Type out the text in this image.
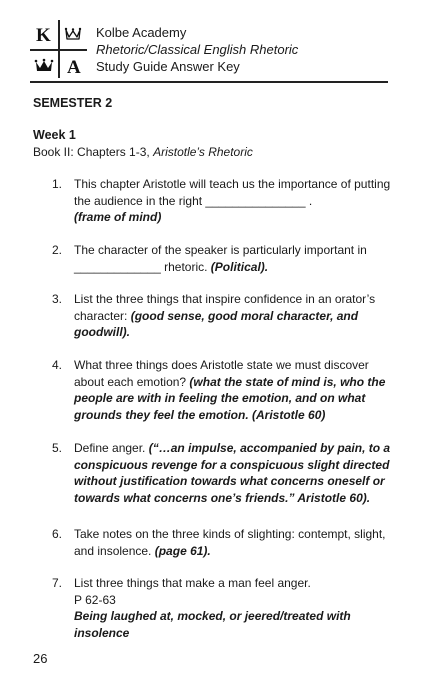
K
A
Kolbe Academy
Rhetoric/Classical English Rhetoric
Study Guide Answer Key
SEMESTER 2
Week 1
Book II: Chapters 1-3, Aristotle’s Rhetoric
1. This chapter Aristotle will teach us the importance of putting the audience in the right _______________ .
(frame of mind)
2. The character of the speaker is particularly important in _____________ rhetoric. (Political).
3. List the three things that inspire confidence in an orator’s character: (good sense, good moral character, and goodwill).
4. What three things does Aristotle state we must discover about each emotion? (what the state of mind is, who the people are with in feeling the emotion, and on what grounds they feel the emotion. (Aristotle 60)
5. Define anger. (“…an impulse, accompanied by pain, to a conspicuous revenge for a conspicuous slight directed without justification towards what concerns oneself or towards what concerns one’s friends.” Aristotle 60).
6. Take notes on the three kinds of slighting: contempt, slight, and insolence. (page 61).
7. List three things that make a man feel anger.
P 62-63
Being laughed at, mocked, or jeered/treated with insolence
26
